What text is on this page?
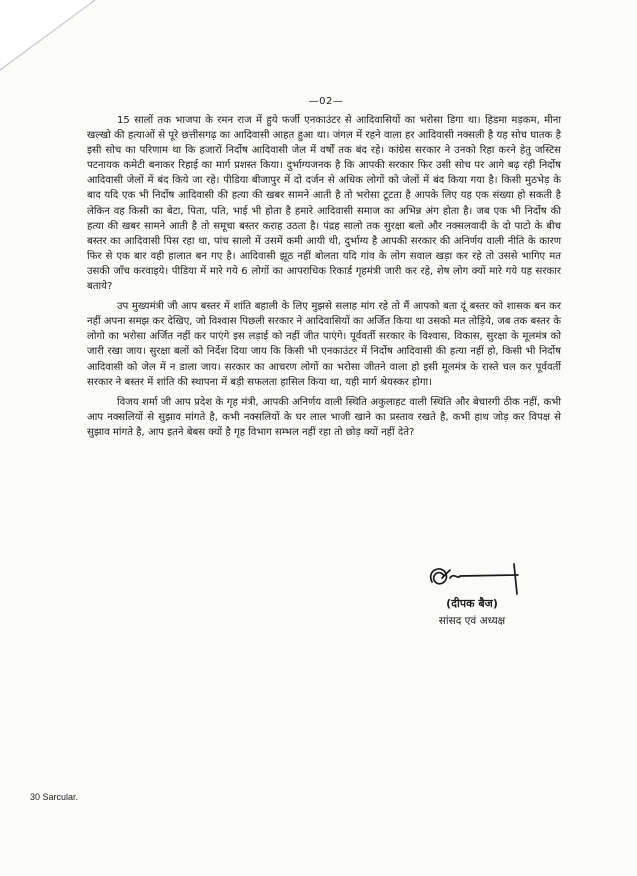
—02—

15 सालों तक भाजपा के रमन राज में हुये फर्जी एनकाउंटर से आदिवासियों का भरोसा डिगा था। हिडमा मड़कम, मीना खल्खो की हत्याओं से पूरे छत्तीसगढ़ का आदिवासी आहत हुआ था। जंगल में रहने वाला हर आदिवासी नक्सली है यह सोच घातक है इसी सोच का परिणाम था कि हजारों निर्दोष आदिवासी जेल में वर्षों तक बंद रहे। कांग्रेस सरकार ने उनको रिहा करने हेतु जस्टिस पटनायक कमेटी बनाकर रिहाई का मार्ग प्रशस्त किया। दुर्भाग्यजनक है कि आपकी सरकार फिर उसी सोच पर आगे बढ़ रही निर्दोष आदिवासी जेलों में बंद किये जा रहे। पीडिया बीजापुर में दो दर्जन से अधिक लोगों को जेलों में बंद किया गया है। किसी मुठभेड़ के बाद यदि एक भी निर्दोष आदिवासी की हत्या की खबर सामने आती है तो भरोसा टूटता है आपके लिए यह एक संख्या हो सकती है लेकिन वह किसी का बेटा, पिता, पति, भाई भी होता है हमारे आदिवासी समाज का अभिन्न अंग होता है। जब एक भी निर्दोष की हत्या की खबर सामने आती है तो समूचा बस्तर कराह उठता है। पंद्रह सालो तक सुरक्षा बलो और नक्सलवादी के दो पाटो के बीच बस्तर का आदिवासी पिस रहा था, पांच सालो में उसमें कमी आयी थी, दुर्भाग्य है आपकी सरकार की अनिर्णय वाली नीति के कारण फिर से एक बार वही हालात बन गए है। आदिवासी झूठ नहीं बोलता यदि गांव के लोग सवाल खड़ा कर रहे तो उससे भागिए मत उसकी जाँच करवाइये। पीडिया में मारे गये 6 लोगों का आपराधिक रिकार्ड गृहमंत्री जारी कर रहे, शेष लोग क्यों मारे गये यह सरकार बताये?

उप मुख्यमंत्री जी आप बस्तर में शांति बहाली के लिए मुझसे सलाह मांग रहे तो मैं आपको बता दूं बस्तर को शासक बन कर नहीं अपना समझ कर देखिए, जो विश्वास पिछली सरकार ने आदिवासियों का अर्जित किया था उसको मत तोड़िये, जब तक बस्तर के लोगो का भरोसा अर्जित नहीं कर पाएंगे इस लड़ाई को नहीं जीत पाएंगे। पूर्ववर्ती सरकार के विश्वास, विकास, सुरक्षा के मूलमंत्र को जारी रखा जाय। सुरक्षा बलों को निर्देश दिया जाय कि किसी भी एनकाउंटर में निर्दोष आदिवासी की हत्या नहीं हो, किसी भी निर्दोष आदिवासी को जेल में न डाला जाय। सरकार का आचरण लोगों का भरोसा जीतने वाला हो इसी मूलमंत्र के रास्ते चल कर पूर्ववर्ती सरकार ने बस्तर में शांति की स्थापना में बड़ी सफलता हासिल किया था, यही मार्ग श्रेयस्कर होगा।

विजय शर्मा जी आप प्रदेश के गृह मंत्री, आपकी अनिर्णय वाली स्थिति अकुलाहट वाली स्थिति और बेचारगी ठीक नहीं, कभी आप नक्सलियों से सुझाव मांगते है, कभी नक्सलियों के घर लाल भाजी खाने का प्रस्ताव रखते है, कभी हाथ जोड़ कर विपक्ष से सुझाव मांगते है, आप इतने बेबस क्यों है गृह विभाग सम्भल नहीं रहा तो छोड़ क्यों नहीं देते?

(दीपक बैज)
सांसद एवं अध्यक्ष
30 Sarcular.
